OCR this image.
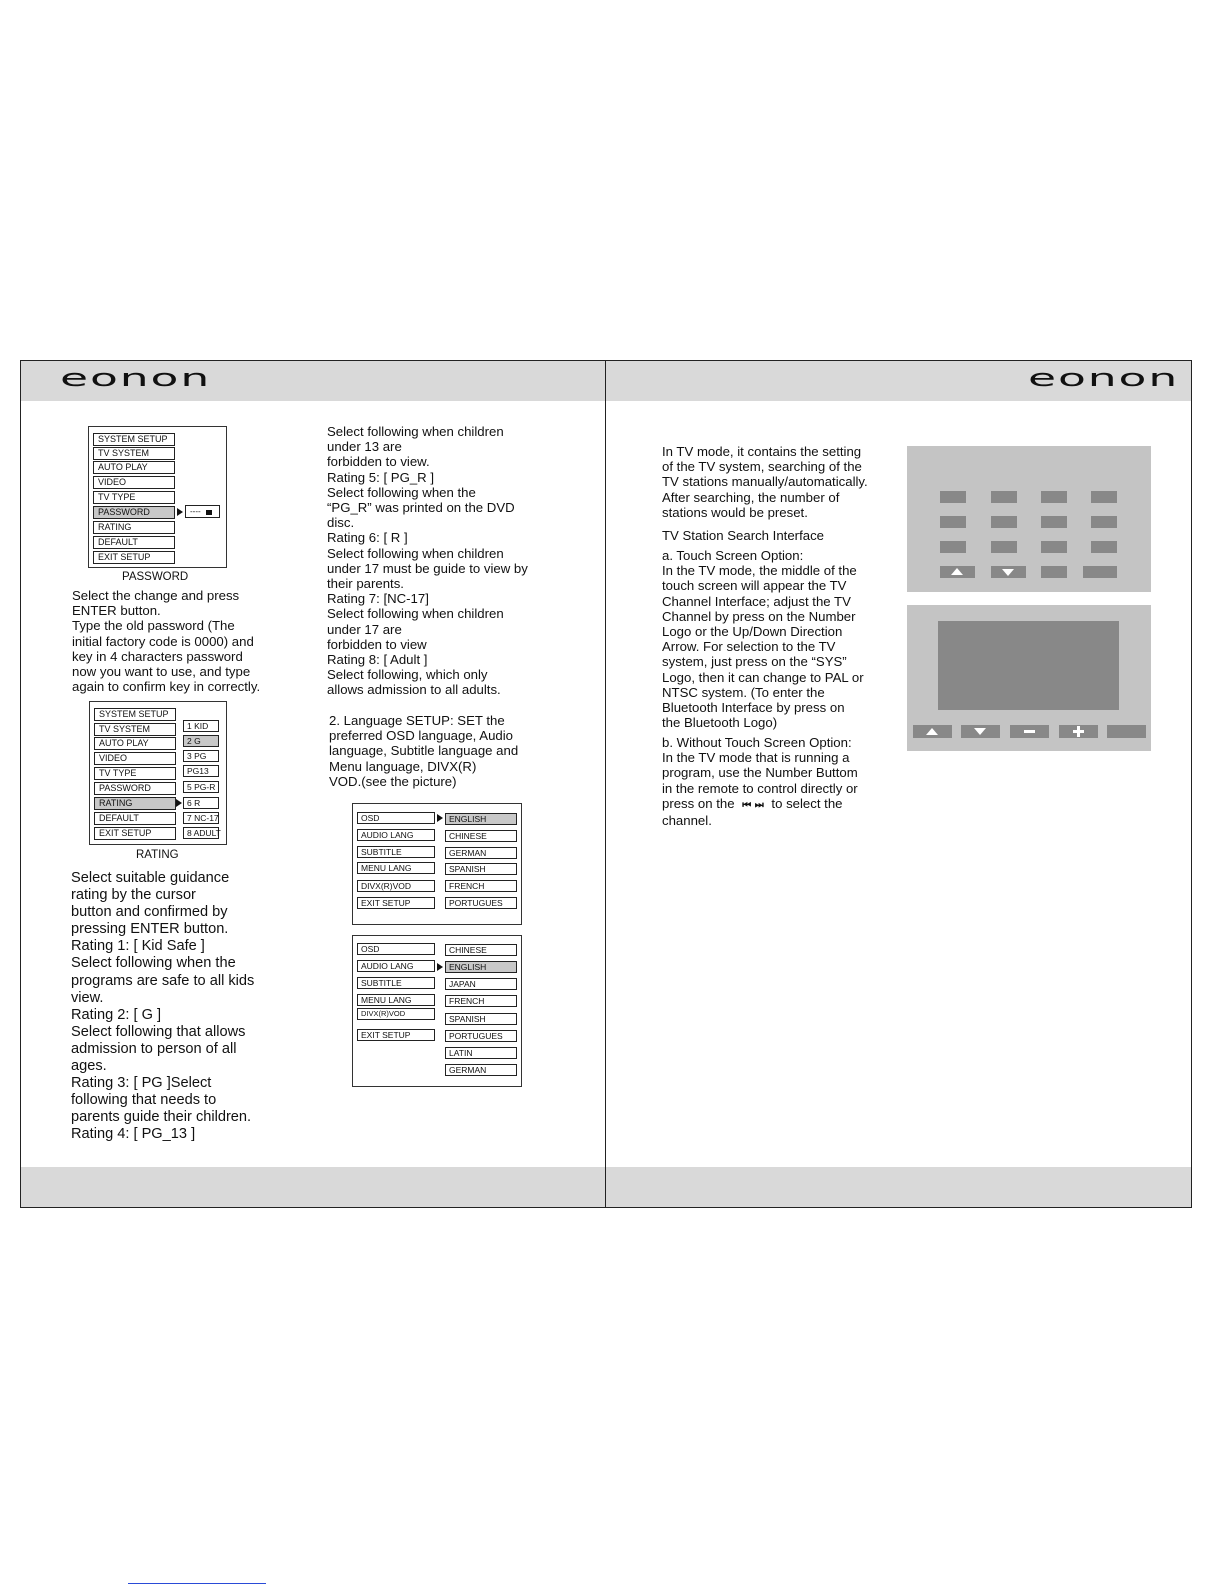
eonon	eonon
SYSTEM SETUP
TV SYSTEM
AUTO PLAY
VIDEO
TV TYPE
PASSWORD
RATING
DEFAULT
EXIT SETUP
----
PASSWORD
Select the change and press
ENTER button.
Type the old password (The
initial factory code is 0000) and
key in 4 characters password
now you want to use, and type
again to confirm key in correctly.
SYSTEM SETUP
TV SYSTEM
AUTO PLAY
VIDEO
TV TYPE
PASSWORD
RATING
DEFAULT
EXIT SETUP
1 KID
2 G
3 PG
PG13
5 PG-R
6 R
7 NC-17
8 ADULT
RATING
Select suitable guidance
rating by the cursor
button and confirmed by
pressing ENTER button.
Rating 1: [ Kid Safe ]
Select following when the
programs are safe to all kids
view.
Rating 2: [ G ]
Select following that allows
admission to person of all
ages.
Rating 3: [ PG ]Select
following that needs to
parents guide their children.
Rating 4: [ PG_13 ]
Select following when children
under 13 are
forbidden to view.
Rating 5: [ PG_R ]
Select following when the
“PG_R” was printed on the DVD
disc.
Rating 6: [ R ]
Select following when children
under 17 must be guide to view by
their parents.
Rating 7: [NC-17]
Select following when children
under 17 are
forbidden to view
Rating 8: [ Adult ]
Select following, which only
allows admission to all adults.
2. Language SETUP: SET the
preferred OSD language, Audio
language, Subtitle language and
Menu language, DIVX(R)
VOD.(see the picture)
OSD
AUDIO LANG
SUBTITLE
MENU LANG
DIVX(R)VOD
EXIT SETUP
ENGLISH
CHINESE
GERMAN
SPANISH
FRENCH
PORTUGUES
OSD
AUDIO LANG
SUBTITLE
MENU LANG
DIVX(R)VOD
EXIT SETUP
CHINESE
ENGLISH
JAPAN
FRENCH
SPANISH
PORTUGUES
LATIN
GERMAN
In TV mode, it contains the setting
of the TV system, searching of the
TV stations manually/automatically.
After searching, the number of
stations would be preset.
TV Station Search Interface
a. Touch Screen Option:
In the TV mode, the middle of the
touch screen will appear the TV
Channel Interface; adjust the TV
Channel by press on the Number
Logo or the Up/Down Direction
Arrow. For selection to the TV
system, just press on the “SYS”
Logo, then it can change to PAL or
NTSC system. (To enter the
Bluetooth Interface by press on
the Bluetooth Logo)
b. Without Touch Screen Option:
In the TV mode that is running a
program, use the Number Buttom
in the remote to control directly or
press on the ⏮ ⏭ to select the
channel.
